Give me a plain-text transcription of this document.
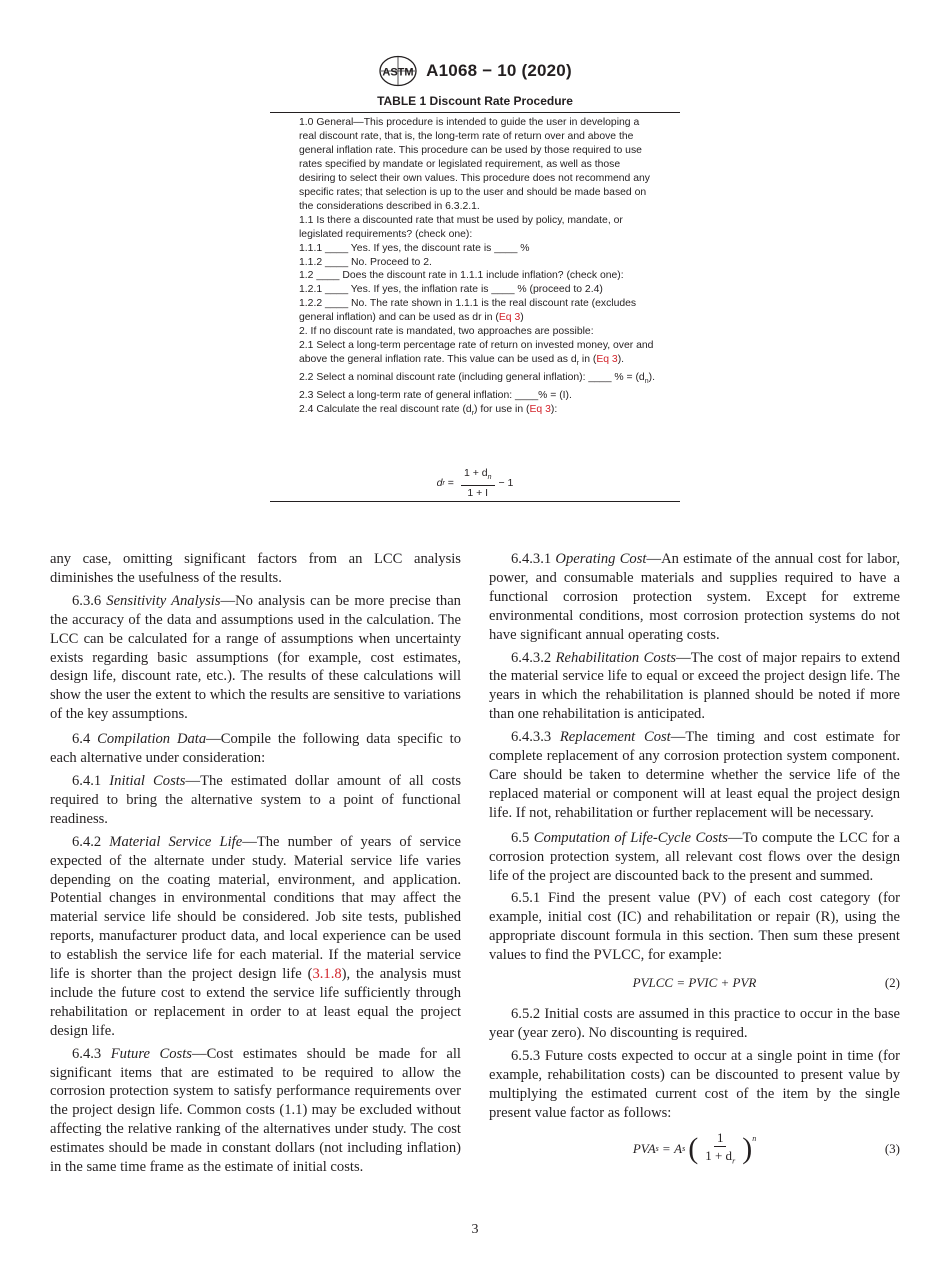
ASTM A1068 − 10 (2020)
TABLE 1 Discount Rate Procedure

1.0 General—This procedure is intended to guide the user in developing a real discount rate, that is, the long-term rate of return over and above the general inflation rate. This procedure can be used by those required to use rates specified by mandate or legislated requirement, as well as those desiring to select their own values. This procedure does not recommend any specific rates; that selection is up to the user and should be made based on the considerations described in 6.3.2.1.

1.1 Is there a discounted rate that must be used by policy, mandate, or legislated requirements? (check one):

1.1.1 ____ Yes. If yes, the discount rate is ____ %

1.1.2 ____ No. Proceed to 2.

1.2 ____ Does the discount rate in 1.1.1 include inflation? (check one):

1.2.1 ____ Yes. If yes, the inflation rate is ____ % (proceed to 2.4)

1.2.2 ____ No. The rate shown in 1.1.1 is the real discount rate (excludes general inflation) and can be used as dr in (Eq 3)

2. If no discount rate is mandated, two approaches are possible:

2.1 Select a long-term percentage rate of return on invested money, over and above the general inflation rate. This value can be used as $d_r$ in (Eq 3).

2.2 Select a nominal discount rate (including general inflation): ____ % = $(d_n)$.

2.3 Select a long-term rate of general inflation: ____% = (I).

2.4 Calculate the real discount rate $(d_r)$ for use in (Eq 3):

d $r = \frac{1 + d_n}{1 + I} - 1$

any case, omitting significant factors from an LCC analysis diminishes the usefulness of the results.

6.3.6 Sensitivity Analysis—No analysis can be more precise than the accuracy of the data and assumptions used in the calculation. The LCC can be calculated for a range of assumptions when uncertainty exists regarding basic assumptions (for example, cost estimates, design life, discount rate, etc.). The results of these calculations will show the user the extent to which the results are sensitive to variations of the key assumptions.

6.4 Compilation Data—Compile the following data specific to each alternative under consideration:

6.4.1 Initial Costs—The estimated dollar amount of all costs required to bring the alternative system to a point of functional readiness.

6.4.2 Material Service Life—The number of years of service expected of the alternate under study. Material service life varies depending on the coating material, environment, and application. Potential changes in environmental conditions that may affect the material service life should be considered. Job site tests, published reports, manufacturer product data, and local experience can be used to establish the service life for each material. If the material service life is shorter than the project design life (3.1.8), the analysis must include the future cost to extend the service life sufficiently through rehabilitation or replacement in order to at least equal the project design life.

6.4.3 Future Costs—Cost estimates should be made for all significant items that are estimated to be required to allow the corrosion protection system to satisfy performance requirements over the project design life. Common costs (1.1) may be excluded without affecting the relative ranking of the alternatives under study. The cost estimates should be made in constant dollars (not including inflation) in the same time frame as the estimate of initial costs.

6.4.3.1 Operating Cost—An estimate of the annual cost for labor, power, and consumable materials and supplies required to have a functional corrosion protection system. Except for extreme environmental conditions, most corrosion protection systems do not have significant annual operating costs.

6.4.3.2 Rehabilitation Costs—The cost of major repairs to extend the material service life to equal or exceed the project design life. The years in which the rehabilitation is planned should be noted if more than one rehabilitation is anticipated.

6.4.3.3 Replacement Cost—The timing and cost estimate for complete replacement of any corrosion protection system component. Care should be taken to determine whether the service life of the replaced material or component will at least equal the project design life. If not, rehabilitation or further replacement will be necessary.

6.5 Computation of Life-Cycle Costs—To compute the LCC for a corrosion protection system, all relevant cost flows over the design life of the project are discounted back to the present and summed.

6.5.1 Find the present value (PV) of each cost category (for example, initial cost (IC) and rehabilitation or repair (R), using the appropriate discount formula in this section. Then sum these present values to find the PVLCC, for example:

PVLCC = PVIC + PVR	(2)

6.5.2 Initial costs are assumed in this practice to occur in the base year (year zero). No discounting is required.

6.5.3 Future costs expected to occur at a single point in time (for example, rehabilitation costs) can be discounted to present value by multiplying the estimated current cost of the item by the single present value factor as follows:

PVA s = A s ( $\frac{1}{1 + d_r} )^n$
(3)
3
